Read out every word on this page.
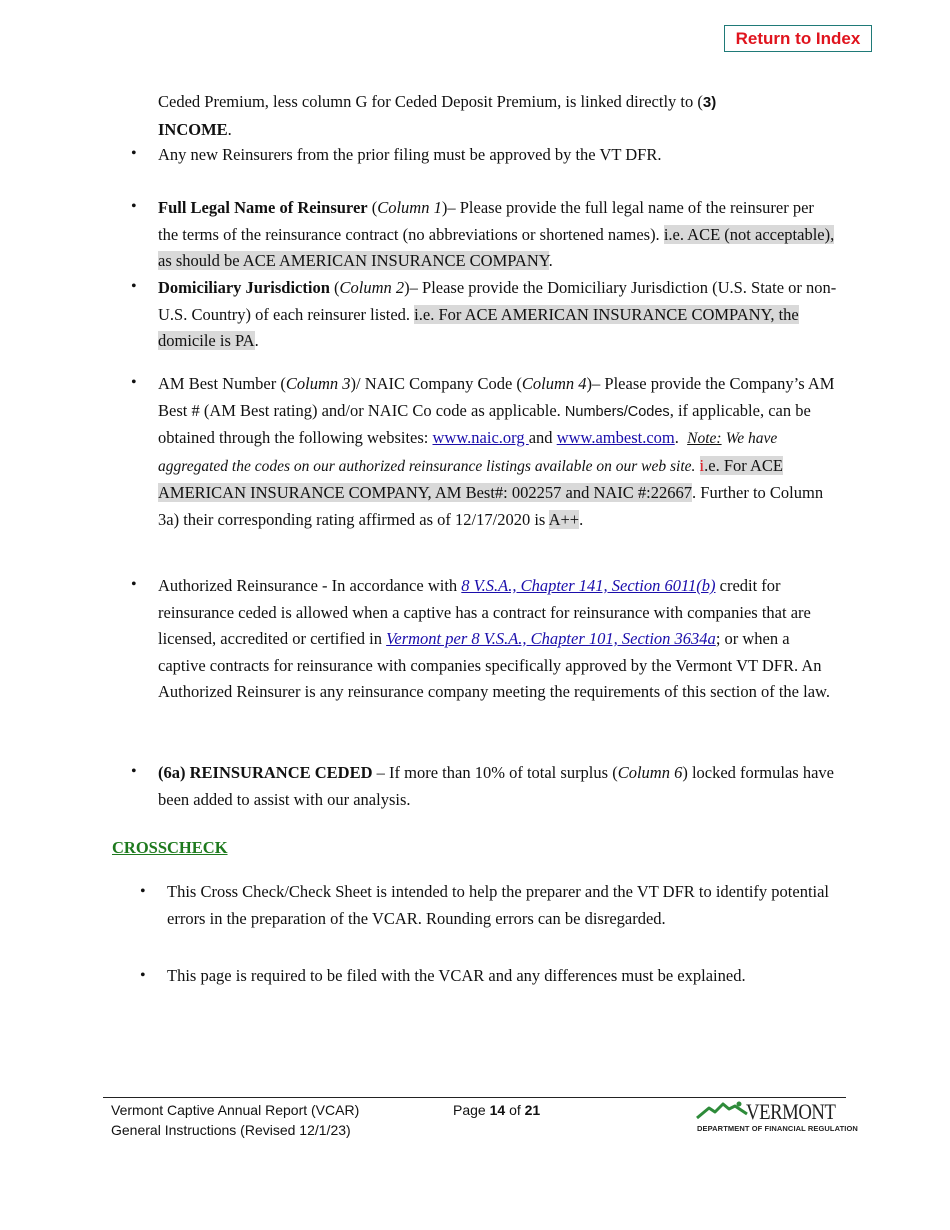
Return to Index
Ceded Premium, less column G for Ceded Deposit Premium, is linked directly to (3)
INCOME.
• Any new Reinsurers from the prior filing must be approved by the VT DFR.
• Full Legal Name of Reinsurer (Column 1)– Please provide the full legal name of the reinsurer per the terms of the reinsurance contract (no abbreviations or shortened names). i.e. ACE (not acceptable), as should be ACE AMERICAN INSURANCE COMPANY.
• Domiciliary Jurisdiction (Column 2)– Please provide the Domiciliary Jurisdiction (U.S. State or non-U.S. Country) of each reinsurer listed. i.e. For ACE AMERICAN INSURANCE COMPANY, the domicile is PA.
• AM Best Number (Column 3)/ NAIC Company Code (Column 4)– Please provide the Company’s AM Best # (AM Best rating) and/or NAIC Co code as applicable. Numbers/Codes, if applicable, can be obtained through the following websites: www.naic.org and www.ambest.com. Note: We have aggregated the codes on our authorized reinsurance listings available on our web site. i.e. For ACE AMERICAN INSURANCE COMPANY, AM Best#: 002257 and NAIC #:22667. Further to Column 3a) their corresponding rating affirmed as of 12/17/2020 is A++.
• Authorized Reinsurance - In accordance with 8 V.S.A., Chapter 141, Section 6011(b) credit for reinsurance ceded is allowed when a captive has a contract for reinsurance with companies that are licensed, accredited or certified in Vermont per 8 V.S.A., Chapter 101, Section 3634a; or when a captive contracts for reinsurance with companies specifically approved by the Vermont VT DFR. An Authorized Reinsurer is any reinsurance company meeting the requirements of this section of the law.
• (6a) REINSURANCE CEDED – If more than 10% of total surplus (Column 6) locked formulas have been added to assist with our analysis.
CROSSCHECK
• This Cross Check/Check Sheet is intended to help the preparer and the VT DFR to identify potential errors in the preparation of the VCAR. Rounding errors can be disregarded.
• This page is required to be filed with the VCAR and any differences must be explained.
Vermont Captive Annual Report (VCAR)
General Instructions (Revised 12/1/23)
Page 14 of 21	VERMONT
DEPARTMENT OF FINANCIAL REGULATION
